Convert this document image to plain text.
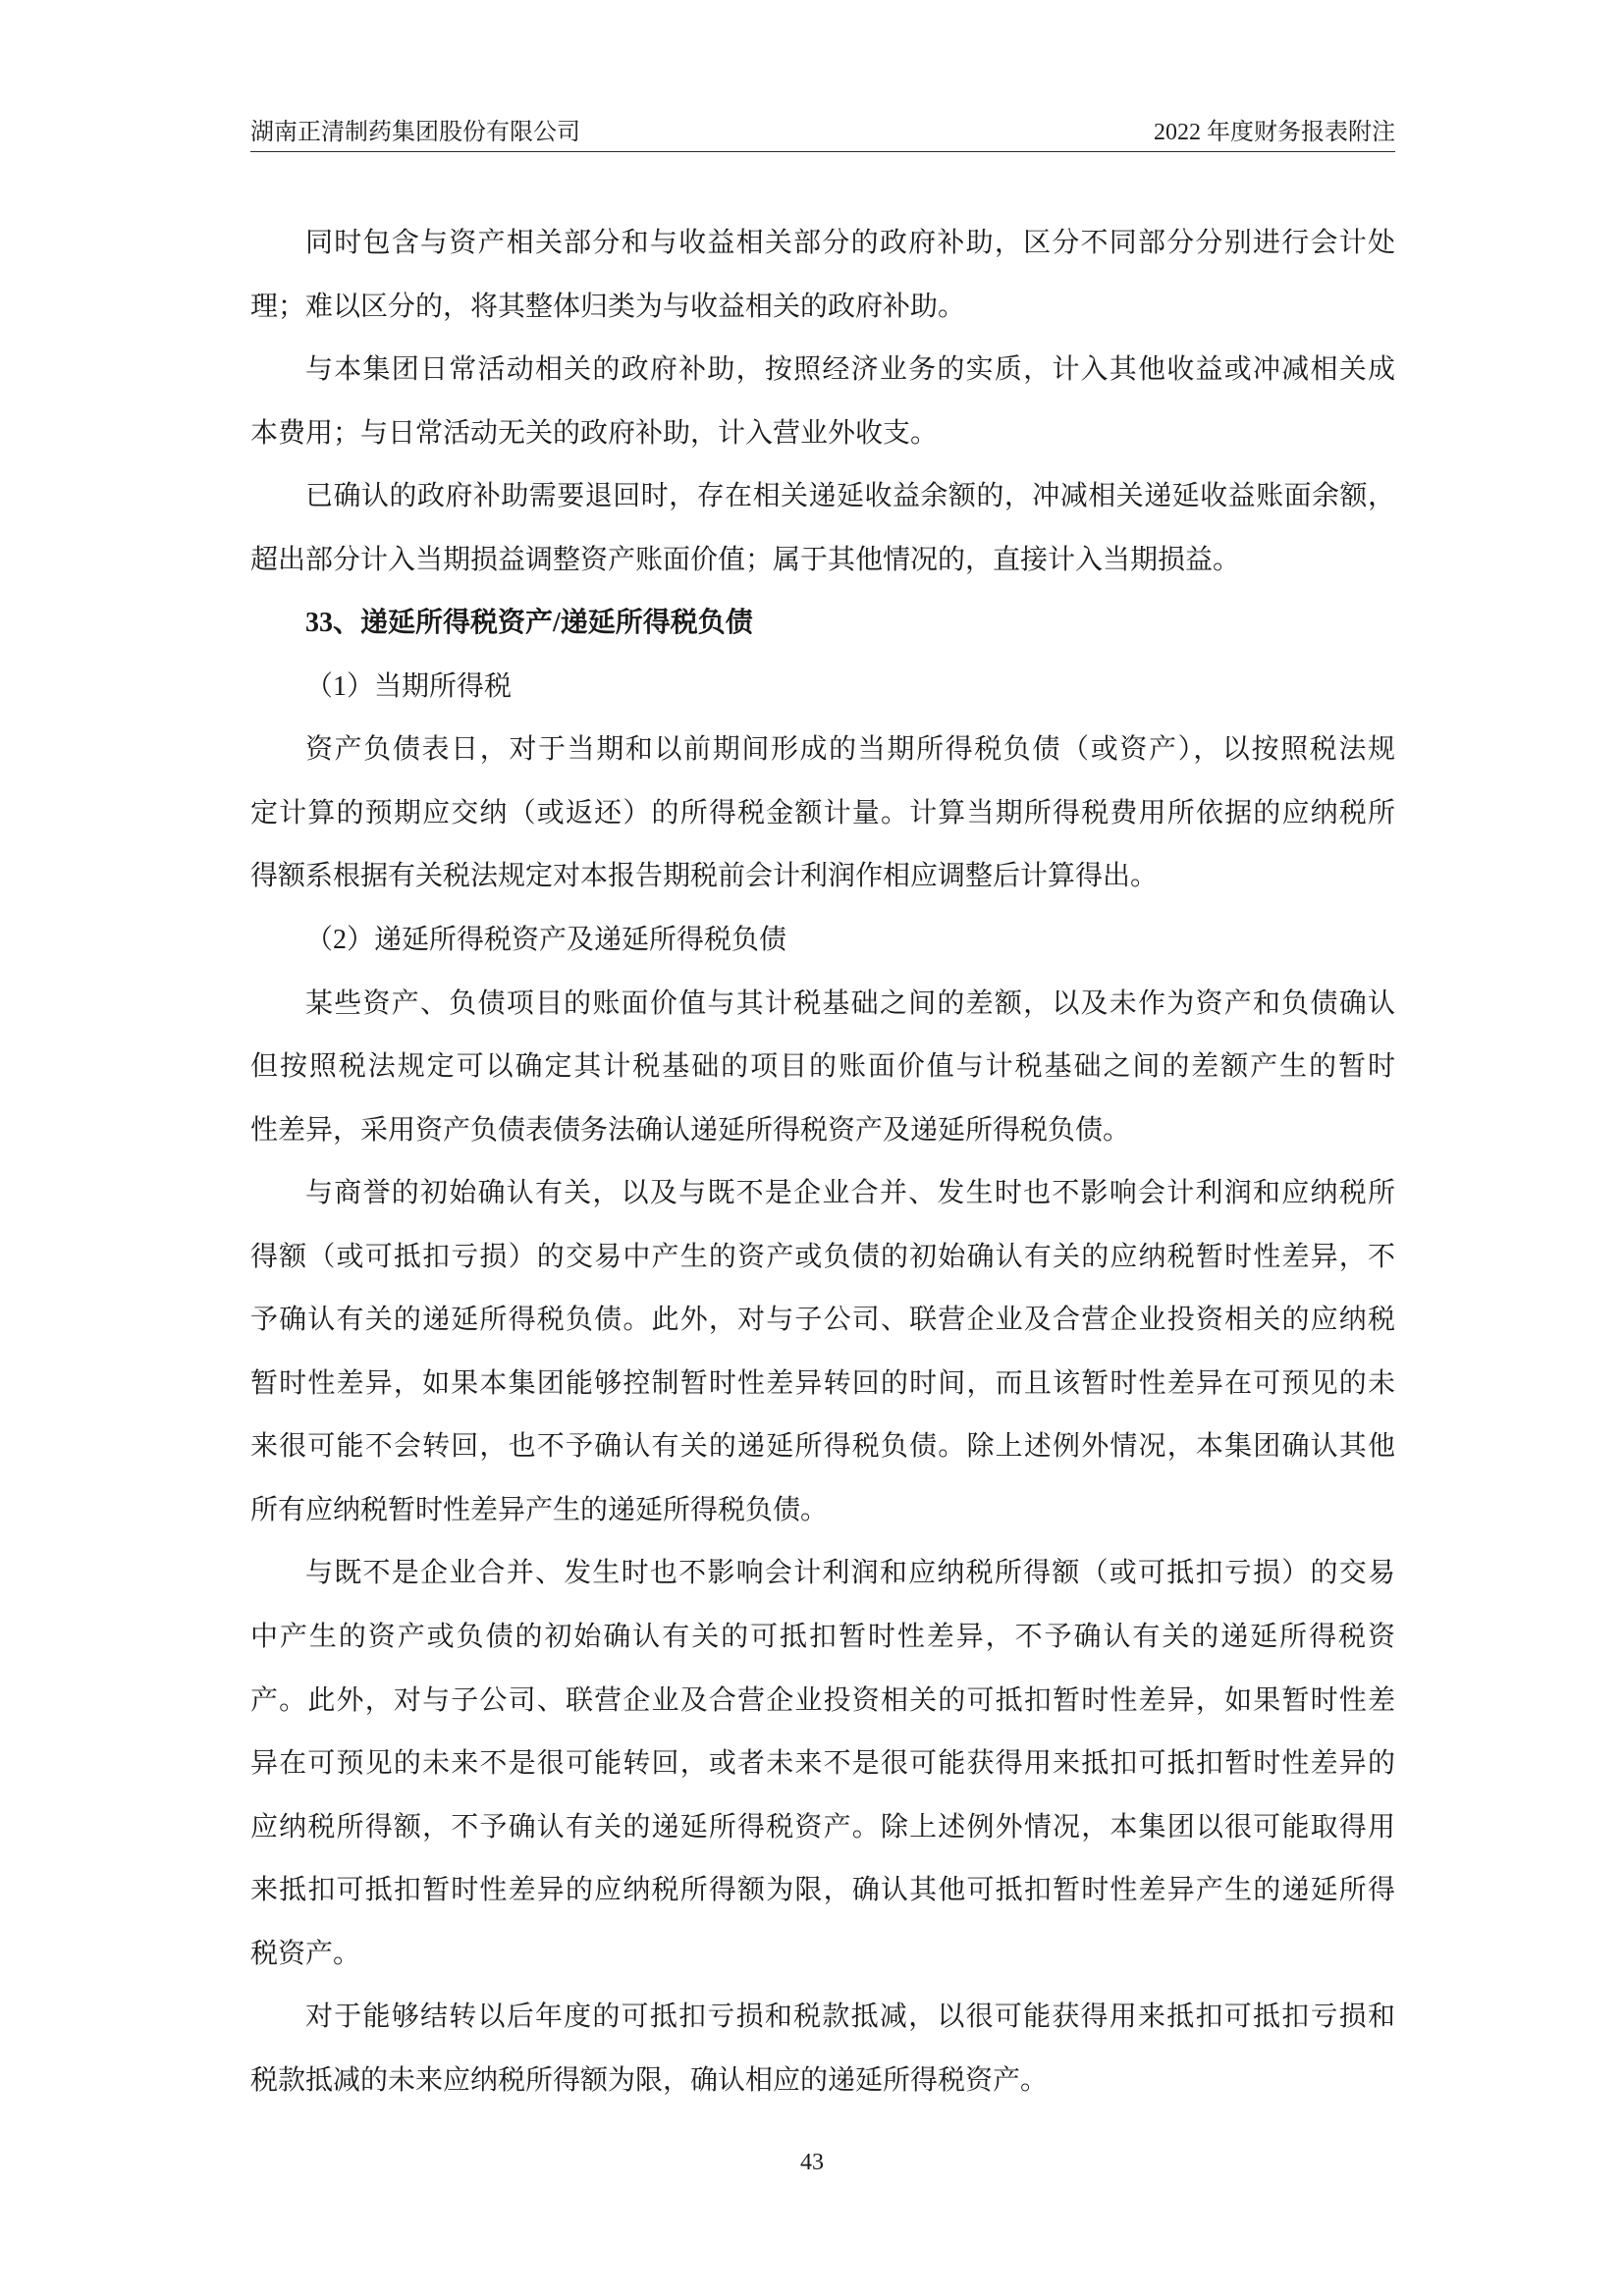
湖南正清制药集团股份有限公司	2022 年度财务报表附注
同时包含与资产相关部分和与收益相关部分的政府补助，区分不同部分分别进行会计处
理；难以区分的，将其整体归类为与收益相关的政府补助。
与本集团日常活动相关的政府补助，按照经济业务的实质，计入其他收益或冲减相关成
本费用；与日常活动无关的政府补助，计入营业外收支。
已确认的政府补助需要退回时，存在相关递延收益余额的，冲减相关递延收益账面余额，
超出部分计入当期损益调整资产账面价值；属于其他情况的，直接计入当期损益。
33、递延所得税资产/递延所得税负债
（1）当期所得税
资产负债表日，对于当期和以前期间形成的当期所得税负债（或资产），以按照税法规
定计算的预期应交纳（或返还）的所得税金额计量。计算当期所得税费用所依据的应纳税所
得额系根据有关税法规定对本报告期税前会计利润作相应调整后计算得出。
（2）递延所得税资产及递延所得税负债
某些资产、负债项目的账面价值与其计税基础之间的差额，以及未作为资产和负债确认
但按照税法规定可以确定其计税基础的项目的账面价值与计税基础之间的差额产生的暂时
性差异，采用资产负债表债务法确认递延所得税资产及递延所得税负债。
与商誉的初始确认有关，以及与既不是企业合并、发生时也不影响会计利润和应纳税所
得额（或可抵扣亏损）的交易中产生的资产或负债的初始确认有关的应纳税暂时性差异，不
予确认有关的递延所得税负债。此外，对与子公司、联营企业及合营企业投资相关的应纳税
暂时性差异，如果本集团能够控制暂时性差异转回的时间，而且该暂时性差异在可预见的未
来很可能不会转回，也不予确认有关的递延所得税负债。除上述例外情况，本集团确认其他
所有应纳税暂时性差异产生的递延所得税负债。
与既不是企业合并、发生时也不影响会计利润和应纳税所得额（或可抵扣亏损）的交易
中产生的资产或负债的初始确认有关的可抵扣暂时性差异，不予确认有关的递延所得税资
产。此外，对与子公司、联营企业及合营企业投资相关的可抵扣暂时性差异，如果暂时性差
异在可预见的未来不是很可能转回，或者未来不是很可能获得用来抵扣可抵扣暂时性差异的
应纳税所得额，不予确认有关的递延所得税资产。除上述例外情况，本集团以很可能取得用
来抵扣可抵扣暂时性差异的应纳税所得额为限，确认其他可抵扣暂时性差异产生的递延所得
税资产。
对于能够结转以后年度的可抵扣亏损和税款抵减，以很可能获得用来抵扣可抵扣亏损和
税款抵减的未来应纳税所得额为限，确认相应的递延所得税资产。
43
